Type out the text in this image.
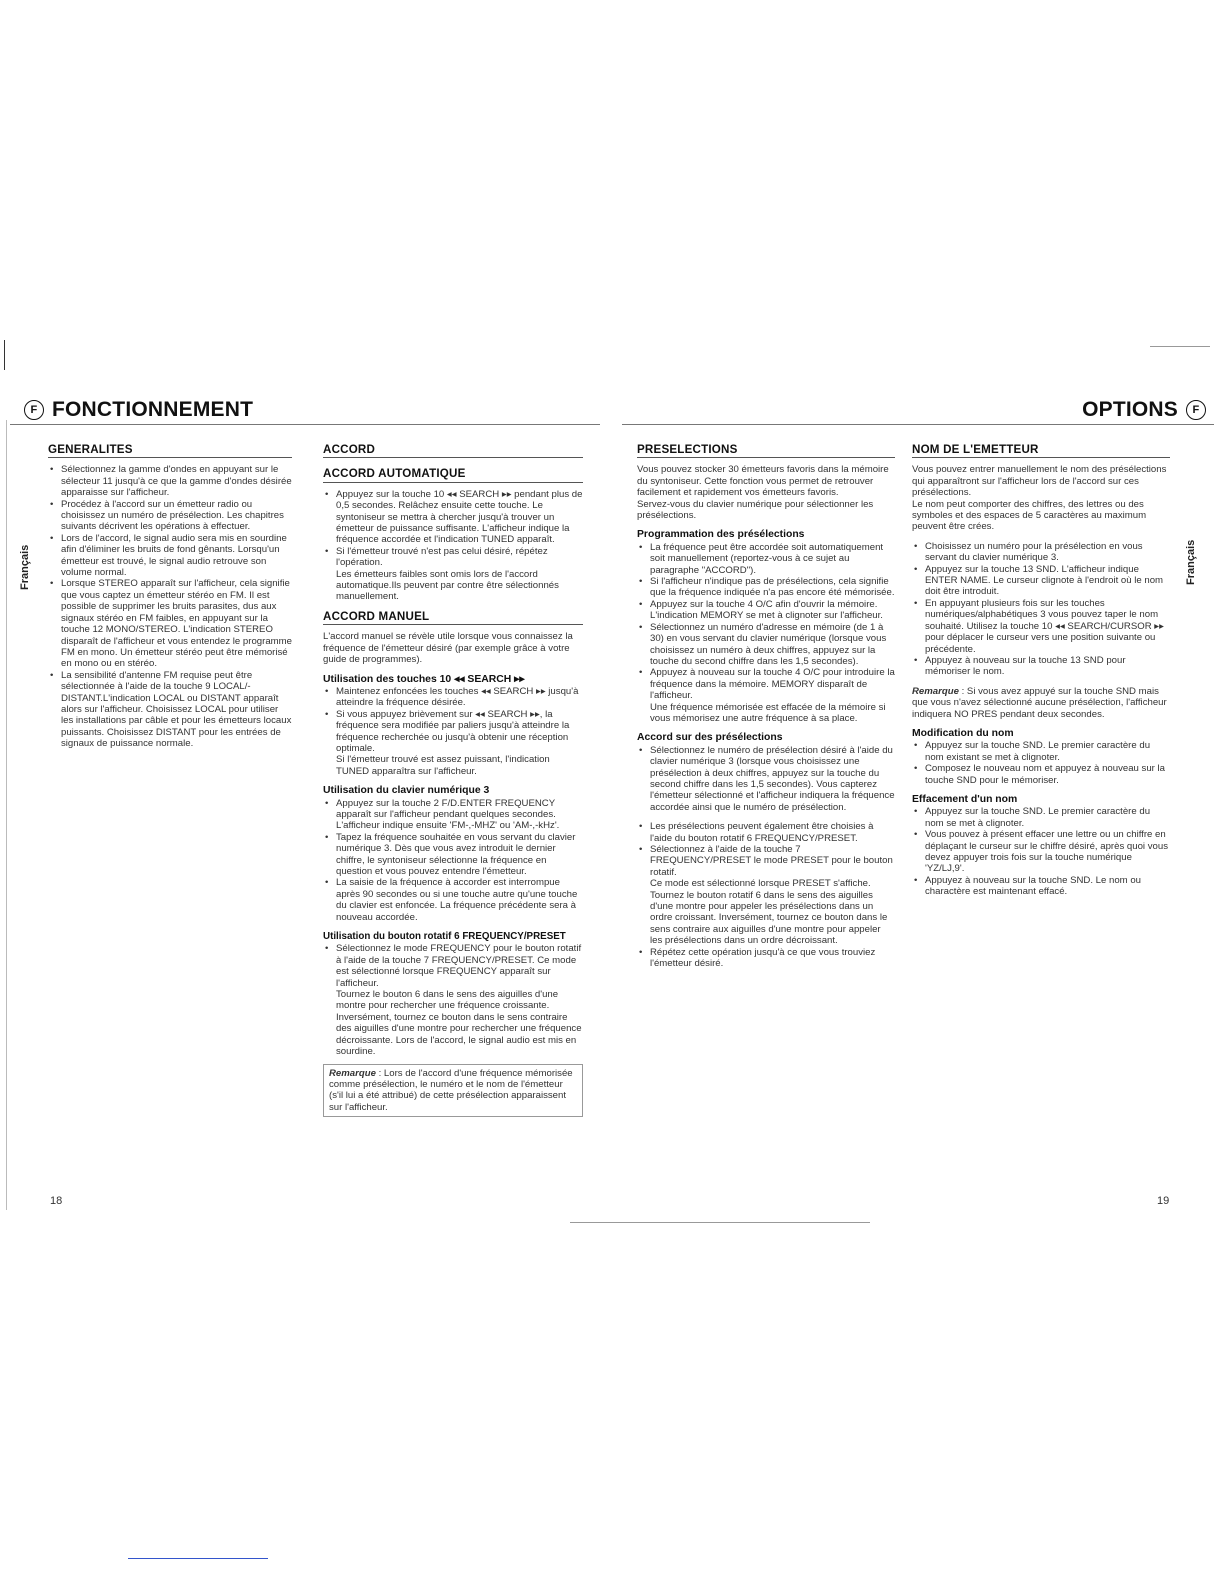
F FONCTIONNEMENT	OPTIONS	F
Français	Français
GENERALITES
• Sélectionnez la gamme d'ondes en appuyant sur le sélecteur 11 jusqu'à ce que la gamme d'ondes désirée apparaisse sur l'afficheur.
• Procédez à l'accord sur un émetteur radio ou choisissez un numéro de présélection. Les chapitres suivants décrivent les opérations à effectuer.
• Lors de l'accord, le signal audio sera mis en sourdine afin d'éliminer les bruits de fond gênants. Lorsqu'un émetteur est trouvé, le signal audio retrouve son volume normal.
• Lorsque STEREO apparaît sur l'afficheur, cela signifie que vous captez un émetteur stéréo en FM. Il est possible de supprimer les bruits parasites, dus aux signaux stéréo en FM faibles, en appuyant sur la touche 12 MONO/STEREO. L'indication STEREO disparaît de l'afficheur et vous entendez le programme FM en mono. Un émetteur stéréo peut être mémorisé en mono ou en stéréo.
• La sensibilité d'antenne FM requise peut être sélectionnée à l'aide de la touche 9 LOCAL/-DISTANT.L'indication LOCAL ou DISTANT apparaît alors sur l'afficheur. Choisissez LOCAL pour utiliser les installations par câble et pour les émetteurs locaux puissants. Choisissez DISTANT pour les entrées de signaux de puissance normale.
ACCORD
ACCORD AUTOMATIQUE
• Appuyez sur la touche 10 ◂◂ SEARCH ▸▸ pendant plus de 0,5 secondes. Relâchez ensuite cette touche. Le syntoniseur se mettra à chercher jusqu'à trouver un émetteur de puissance suffisante. L'afficheur indique la fréquence accordée et l'indication TUNED apparaît.
• Si l'émetteur trouvé n'est pas celui désiré, répétez l'opération.

Les émetteurs faibles sont omis lors de l'accord automatique.Ils peuvent par contre être sélectionnés manuellement.

ACCORD MANUEL

L'accord manuel se révèle utile lorsque vous connaissez la fréquence de l'émetteur désiré (par exemple grâce à votre guide de programmes).

Utilisation des touches 10 ◂◂ SEARCH ▸▸
• Maintenez enfoncées les touches ◂◂ SEARCH ▸▸ jusqu'à atteindre la fréquence désirée.
• Si vous appuyez brièvement sur ◂◂ SEARCH ▸▸, la fréquence sera modifiée par paliers jusqu'à atteindre la fréquence recherchée ou jusqu'à obtenir une réception optimale.

Si l'émetteur trouvé est assez puissant, l'indication TUNED apparaîtra sur l'afficheur.

Utilisation du clavier numérique 3
• Appuyez sur la touche 2 F/D.ENTER FREQUENCY apparaît sur l'afficheur pendant quelques secondes. L'afficheur indique ensuite 'FM-,-MHZ' ou 'AM-,-kHz'.
• Tapez la fréquence souhaitée en vous servant du clavier numérique 3. Dès que vous avez introduit le dernier chiffre, le syntoniseur sélectionne la fréquence en question et vous pouvez entendre l'émetteur.
• La saisie de la fréquence à accorder est interrompue après 90 secondes ou si une touche autre qu'une touche du clavier est enfoncée. La fréquence précédente sera à nouveau accordée.
Utilisation du bouton rotatif 6 FREQUENCY/PRESET
• Sélectionnez le mode FREQUENCY pour le bouton rotatif à l'aide de la touche 7 FREQUENCY/PRESET. Ce mode est sélectionné lorsque FREQUENCY apparaît sur l'afficheur.

Tournez le bouton 6 dans le sens des aiguilles d'une montre pour rechercher une fréquence croissante. Inversément, tournez ce bouton dans le sens contraire des aiguilles d'une montre pour rechercher une fréquence décroissante. Lors de l'accord, le signal audio est mis en sourdine.

Remarque : Lors de l'accord d'une fréquence mémorisée comme présélection, le numéro et le nom de l'émetteur (s'il lui a été attribué) de cette présélection apparaissent sur l'afficheur.
PRESELECTIONS

Vous pouvez stocker 30 émetteurs favoris dans la mémoire du syntoniseur. Cette fonction vous permet de retrouver facilement et rapidement vos émetteurs favoris.

Servez-vous du clavier numérique pour sélectionner les présélections.

Programmation des présélections
• La fréquence peut être accordée soit automatiquement soit manuellement (reportez-vous à ce sujet au paragraphe "ACCORD").
• Si l'afficheur n'indique pas de présélections, cela signifie que la fréquence indiquée n'a pas encore été mémorisée.
• Appuyez sur la touche 4 O/C afin d'ouvrir la mémoire. L'indication MEMORY se met à clignoter sur l'afficheur.
• Sélectionnez un numéro d'adresse en mémoire (de 1 à 30) en vous servant du clavier numérique (lorsque vous choisissez un numéro à deux chiffres, appuyez sur la touche du second chiffre dans les 1,5 secondes).
• Appuyez à nouveau sur la touche 4 O/C pour introduire la fréquence dans la mémoire. MEMORY disparaît de l'afficheur.

Une fréquence mémorisée est effacée de la mémoire si vous mémorisez une autre fréquence à sa place.

Accord sur des présélections
• Sélectionnez le numéro de présélection désiré à l'aide du clavier numérique 3 (lorsque vous choisissez une présélection à deux chiffres, appuyez sur la touche du second chiffre dans les 1,5 secondes). Vous capterez l'émetteur sélectionné et l'afficheur indiquera la fréquence accordée ainsi que le numéro de présélection.
• Les présélections peuvent également être choisies à l'aide du bouton rotatif 6 FREQUENCY/PRESET.
• Sélectionnez à l'aide de la touche 7 FREQUENCY/PRESET le mode PRESET pour le bouton rotatif.

Ce mode est sélectionné lorsque PRESET s'affiche. Tournez le bouton rotatif 6 dans le sens des aiguilles d'une montre pour appeler les présélections dans un ordre croissant. Inversément, tournez ce bouton dans le sens contraire aux aiguilles d'une montre pour appeler les présélections dans un ordre décroissant.

• Répétez cette opération jusqu'à ce que vous trouviez l'émetteur désiré.
NOM DE L'EMETTEUR

Vous pouvez entrer manuellement le nom des présélections qui apparaîtront sur l'afficheur lors de l'accord sur ces présélections.

Le nom peut comporter des chiffres, des lettres ou des symboles et des espaces de 5 caractères au maximum peuvent être crées.

• Choisissez un numéro pour la présélection en vous servant du clavier numérique 3.
• Appuyez sur la touche 13 SND. L'afficheur indique ENTER NAME. Le curseur clignote à l'endroit où le nom doit être introduit.
• En appuyant plusieurs fois sur les touches numériques/alphabétiques 3 vous pouvez taper le nom souhaité. Utilisez la touche 10 ◂◂ SEARCH/CURSOR ▸▸ pour déplacer le curseur vers une position suivante ou précédente.
• Appuyez à nouveau sur la touche 13 SND pour mémoriser le nom.

Remarque : Si vous avez appuyé sur la touche SND mais que vous n'avez sélectionné aucune présélection, l'afficheur indiquera NO PRES pendant deux secondes.

Modification du nom
• Appuyez sur la touche SND. Le premier caractère du nom existant se met à clignoter.
• Composez le nouveau nom et appuyez à nouveau sur la touche SND pour le mémoriser.
Effacement d'un nom
• Appuyez sur la touche SND. Le premier caractère du nom se met à clignoter.
• Vous pouvez à présent effacer une lettre ou un chiffre en déplaçant le curseur sur le chiffre désiré, après quoi vous devez appuyer trois fois sur la touche numérique 'YZ/LJ,9'.
• Appuyez à nouveau sur la touche SND. Le nom ou charactère est maintenant effacé.
18	19
